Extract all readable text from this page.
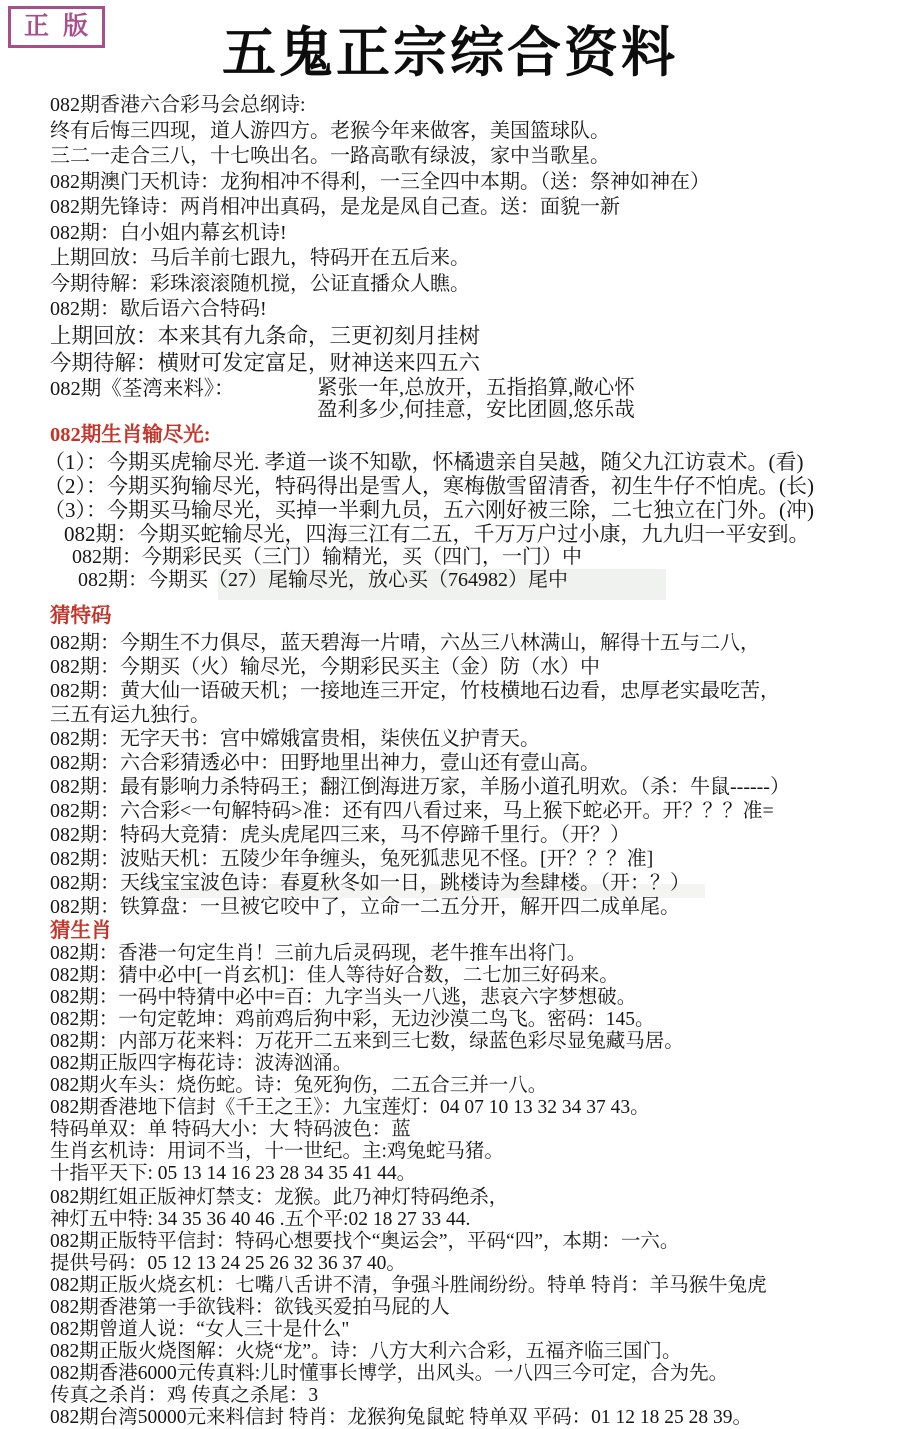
正版	五鬼正宗综合资料
082期香港六合彩马会总纲诗:
终有后悔三四现，道人游四方。老猴今年来做客，美国篮球队。
三二一走合三八，十七唤出名。一路高歌有绿波，家中当歌星。
082期澳门天机诗：龙狗相冲不得利，一三全四中本期。（送：祭神如神在）
082期先锋诗：两肖相冲出真码，是龙是凤自己查。送：面貌一新
082期：白小姐内幕玄机诗!
上期回放：马后羊前七跟九，特码开在五后来。
今期待解：彩珠滚滚随机搅，公证直播众人瞧。
082期：歇后语六合特码!
上期回放：本来其有九条命，三更初刻月挂树
今期待解：横财可发定富足，财神送来四五六
082期《荃湾来料》：	紧张一年,总放开，五指掐算,敞心怀
盈利多少,何挂意，安比团圆,悠乐哉
082期生肖输尽光:
（1）：今期买虎输尽光. 孝道一谈不知歇，怀橘遗亲自吴越，随父九江访袁术。(看)
（2）：今期买狗输尽光，特码得出是雪人，寒梅傲雪留清香，初生牛仔不怕虎。(长)
（3）：今期买马输尽光，买掉一半剩九员，五六刚好被三除，二七独立在门外。(冲)
082期：今期买蛇输尽光，四海三江有二五，千万万户过小康，九九归一平安到。
082期：今期彩民买（三门）输精光，买（四门，一门）中
082期：今期买（27）尾输尽光，放心买（764982）尾中
猜特码
082期：今期生不力俱尽，蓝天碧海一片晴，六丛三八林满山，解得十五与二八，
082期：今期买（火）输尽光，今期彩民买主（金）防（水）中
082期：黄大仙一语破天机；一接地连三开定，竹枝横地石边看，忠厚老实最吃苦，
三五有运九独行。
082期：无字天书：宫中嫦娥富贵相，柒侠伍义护青天。
082期：六合彩猜透必中：田野地里出神力，壹山还有壹山高。
082期：最有影响力杀特码王；翻江倒海进万家，羊肠小道孔明欢。（杀：牛鼠------）
082期：六合彩<一句解特码>准：还有四八看过来，马上猴下蛇必开。开？？？准=
082期：特码大竞猜：虎头虎尾四三来，马不停蹄千里行。（开？）
082期：波贴天机：五陵少年争缠头，兔死狐悲见不怪。[开？？？准]
082期：天线宝宝波色诗：春夏秋冬如一日，跳楼诗为叁肆楼。（开：？）
082期：铁算盘：一旦被它咬中了，立命一二五分开，解开四二成单尾。
猜生肖
082期：香港一句定生肖！三前九后灵码现，老牛推车出将门。
082期：猜中必中[一肖玄机]：佳人等待好合数，二七加三好码来。
082期：一码中特猜中必中=百：九字当头一八逃，悲哀六字梦想破。
082期：一句定乾坤：鸡前鸡后狗中彩，无边沙漠二鸟飞。密码：145。
082期：内部万花来料：万花开二五来到三七数，绿蓝色彩尽显兔藏马居。
082期正版四字梅花诗：波涛汹涌。
082期火车头：烧伤蛇。诗：兔死狗伤，二五合三并一八。
082期香港地下信封《千王之王》：九宝莲灯：04 07 10 13 32 34 37 43。
特码单双：单 特码大小：大 特码波色：蓝
生肖玄机诗：用词不当，十一世纪。主:鸡兔蛇马猪。
十指平天下: 05 13 14 16 23 28 34 35 41 44。
082期红姐正版神灯禁支：龙猴。此乃神灯特码绝杀，
神灯五中特: 34 35 36 40 46 .五个平:02 18 27 33 44.
082期正版特平信封：特码心想要找个“奥运会”，平码“四”，本期：一六。
提供号码：05 12 13 24 25 26 32 36 37 40。
082期正版火烧玄机：七嘴八舌讲不清，争强斗胜闹纷纷。特单 特肖：羊马猴牛兔虎
082期香港第一手欲钱料：欲钱买爱拍马屁的人
082期曾道人说：“女人三十是什么"
082期正版火烧图解：火烧“龙”。诗：八方大利六合彩，五福齐临三国门。
082期香港6000元传真料:儿时懂事长博学，出风头。一八四三今可定，合为先。
传真之杀肖：鸡 传真之杀尾：3
082期台湾50000元来料信封 特肖：龙猴狗兔鼠蛇 特单双 平码：01 12 18 25 28 39。
